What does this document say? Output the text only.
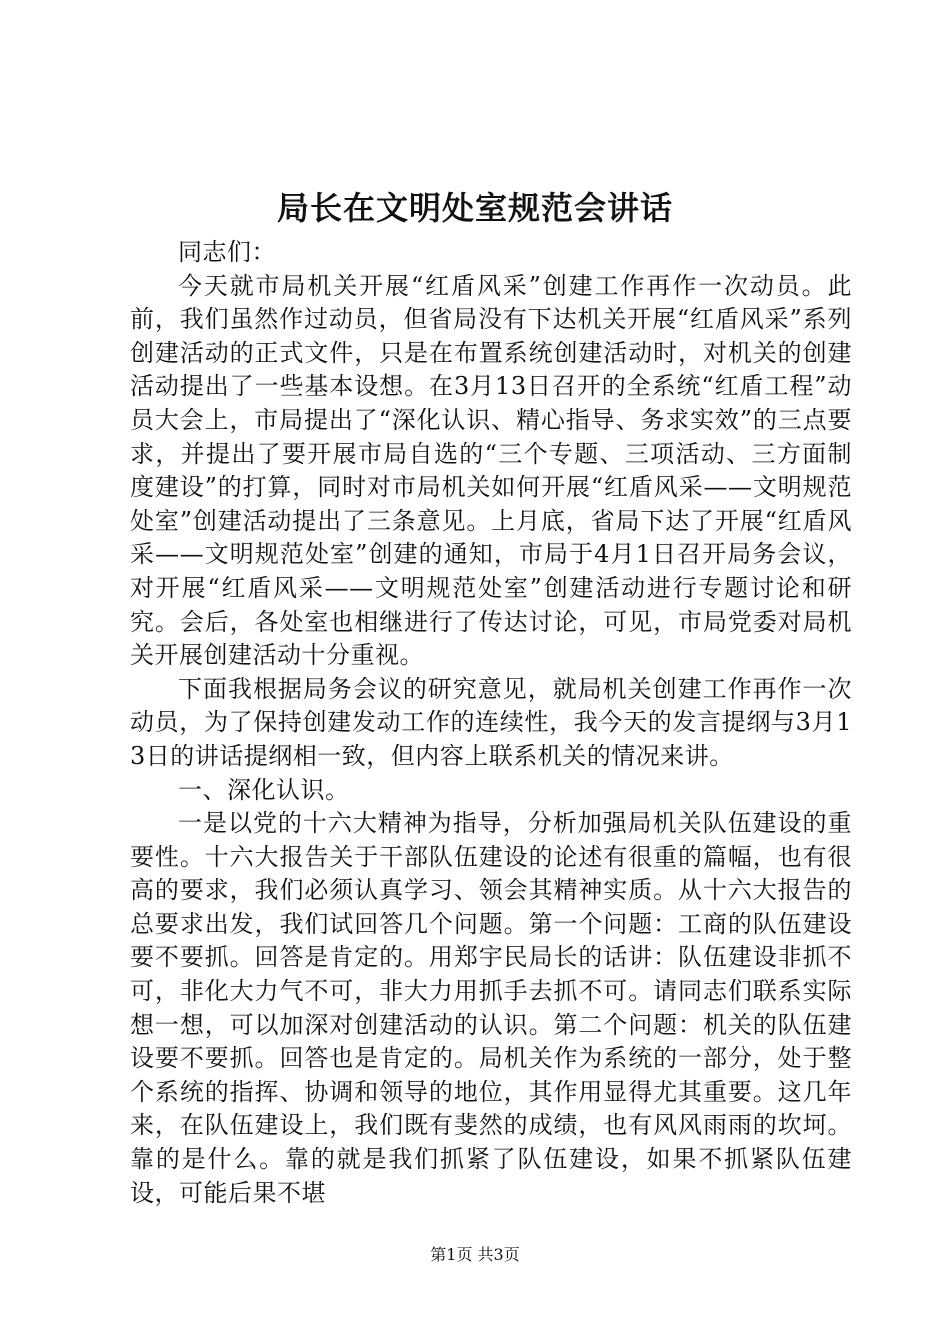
局长在文明处室规范会讲话

同志们：

今天就市局机关开展“红盾风采”创建工作再作一次动员。此前，我们虽然作过动员，但省局没有下达机关开展“红盾风采”系列创建活动的正式文件，只是在布置系统创建活动时，对机关的创建活动提出了一些基本设想。在3月13日召开的全系统“红盾工程”动员大会上，市局提出了“深化认识、精心指导、务求实效”的三点要求，并提出了要开展市局自选的“三个专题、三项活动、三方面制度建设”的打算，同时对市局机关如何开展“红盾风采——文明规范处室”创建活动提出了三条意见。上月底，省局下达了开展“红盾风采——文明规范处室”创建的通知，市局于4月1日召开局务会议，对开展“红盾风采——文明规范处室”创建活动进行专题讨论和研究。会后，各处室也相继进行了传达讨论，可见，市局党委对局机关开展创建活动十分重视。

下面我根据局务会议的研究意见，就局机关创建工作再作一次动员，为了保持创建发动工作的连续性，我今天的发言提纲与3月13日的讲话提纲相一致，但内容上联系机关的情况来讲。

一、深化认识。

一是以党的十六大精神为指导，分析加强局机关队伍建设的重要性。十六大报告关于干部队伍建设的论述有很重的篇幅，也有很高的要求，我们必须认真学习、领会其精神实质。从十六大报告的总要求出发，我们试回答几个问题。第一个问题：工商的队伍建设要不要抓。回答是肯定的。用郑宇民局长的话讲：队伍建设非抓不可，非化大力气不可，非大力用抓手去抓不可。请同志们联系实际想一想，可以加深对创建活动的认识。第二个问题：机关的队伍建设要不要抓。回答也是肯定的。局机关作为系统的一部分，处于整个系统的指挥、协调和领导的地位，其作用显得尤其重要。这几年来，在队伍建设上，我们既有斐然的成绩，也有风风雨雨的坎坷。靠的是什么。靠的就是我们抓紧了队伍建设，如果不抓紧队伍建设，可能后果不堪

第1页 共3页
